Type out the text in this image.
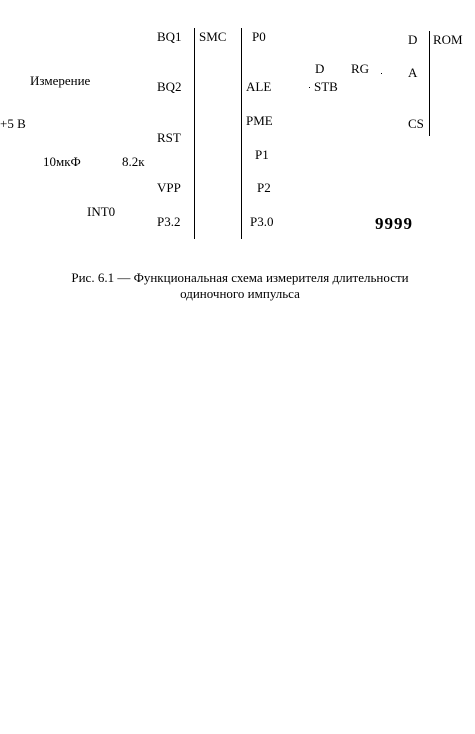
Измерение
+5 В
10мкФ	8.2к
INT0
BQ1
BQ2
RST
VPP
P3.2
SMC P0
ALE
PME
P1
P2
P3.0
D
STB
RG
D
A
CS
ROM
9999
Рис. 6.1 — Функциональная схема измерителя длительности
одиночного импульса
